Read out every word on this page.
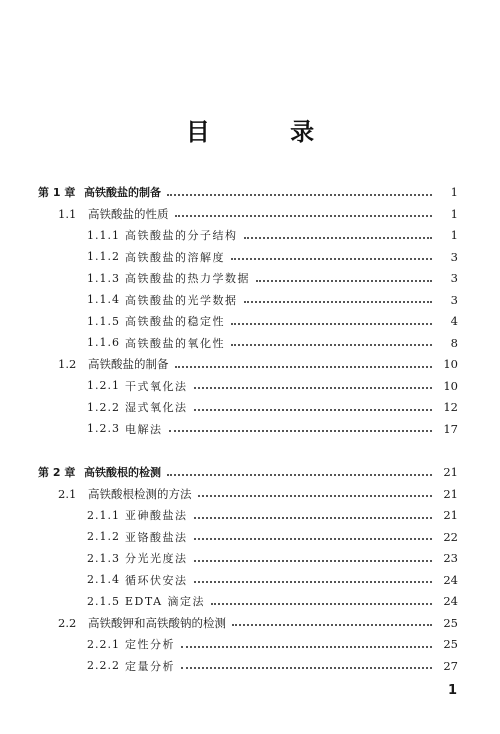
目 录
第 1 章 高铁酸盐的制备	1
1.1	高铁酸盐的性质	1
1.1.1 高铁酸盐的分子结构	1
1.1.2 高铁酸盐的溶解度	3
1.1.3 高铁酸盐的热力学数据	3
1.1.4 高铁酸盐的光学数据	3
1.1.5 高铁酸盐的稳定性	4
1.1.6 高铁酸盐的氧化性	8
1.2	高铁酸盐的制备	10
1.2.1 干式氧化法	10
1.2.2 湿式氧化法	12
1.2.3 电解法	17
第 2 章 高铁酸根的检测	21
2.1	高铁酸根检测的方法	21
2.1.1 亚砷酸盐法	21
2.1.2 亚铬酸盐法	22
2.1.3 分光光度法	23
2.1.4 循环伏安法	24
2.1.5 EDTA 滴定法	24
2.2	高铁酸钾和高铁酸钠的检测	25
2.2.1 定性分析	25
2.2.2 定量分析	27
1
